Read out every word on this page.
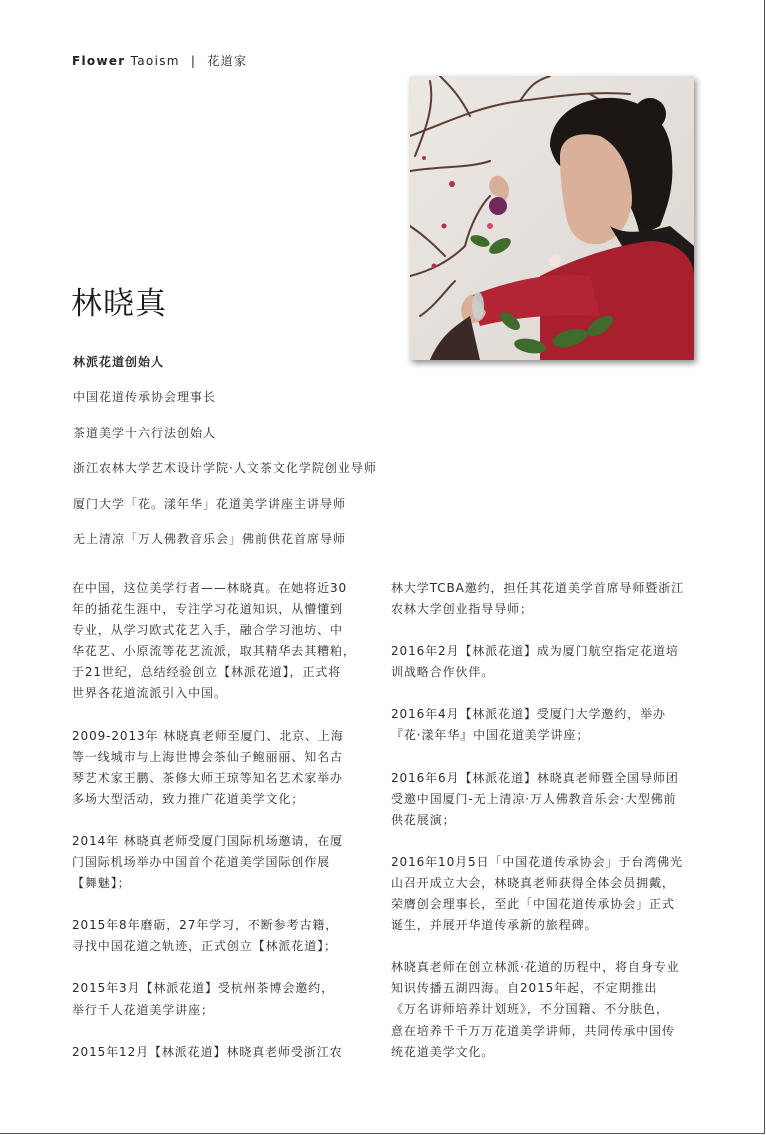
Flower Taoism | 花道家
林晓真
林派花道创始人
中国花道传承协会理事长
茶道美学十六行法创始人
浙江农林大学艺术设计学院·人文茶文化学院创业导师
厦门大学「花。漾年华」花道美学讲座主讲导师
无上清凉「万人佛教音乐会」佛前供花首席导师

在中国，这位美学行者——林晓真。在她将近30
年的插花生涯中，专注学习花道知识，从懵懂到
专业，从学习欧式花艺入手，融合学习池坊、中
华花艺、小原流等花艺流派，取其精华去其糟粕，
于21世纪，总结经验创立【林派花道】，正式将
世界各花道流派引入中国。

2009-2013年 林晓真老师至厦门、北京、上海
等一线城市与上海世博会茶仙子鲍丽丽、知名古
琴艺术家王鹏、茶修大师王琼等知名艺术家举办
多场大型活动，致力推广花道美学文化；

2014年 林晓真老师受厦门国际机场邀请，在厦
门国际机场举办中国首个花道美学国际创作展
【舞魅】；

2015年8年磨砺，27年学习，不断参考古籍，
寻找中国花道之轨迹，正式创立【林派花道】；

2015年3月【林派花道】受杭州茶博会邀约，
举行千人花道美学讲座；

2015年12月【林派花道】林晓真老师受浙江农

林大学TCBA邀约，担任其花道美学首席导师暨浙江
农林大学创业指导导师；

2016年2月【林派花道】成为厦门航空指定花道培
训战略合作伙伴。

2016年4月【林派花道】受厦门大学邀约，举办
『花·漾年华』中国花道美学讲座；

2016年6月【林派花道】林晓真老师暨全国导师团
受邀中国厦门-无上清凉·万人佛教音乐会·大型佛前
供花展演；

2016年10月5日「中国花道传承协会」于台湾佛光
山召开成立大会，林晓真老师获得全体会员拥戴，
荣膺创会理事长，至此「中国花道传承协会」正式
诞生，并展开华道传承新的旅程碑。

林晓真老师在创立林派·花道的历程中，将自身专业
知识传播五湖四海。自2015年起，不定期推出
《万名讲师培养计划班》，不分国籍、不分肤色，
意在培养千千万万花道美学讲师，共同传承中国传
统花道美学文化。
